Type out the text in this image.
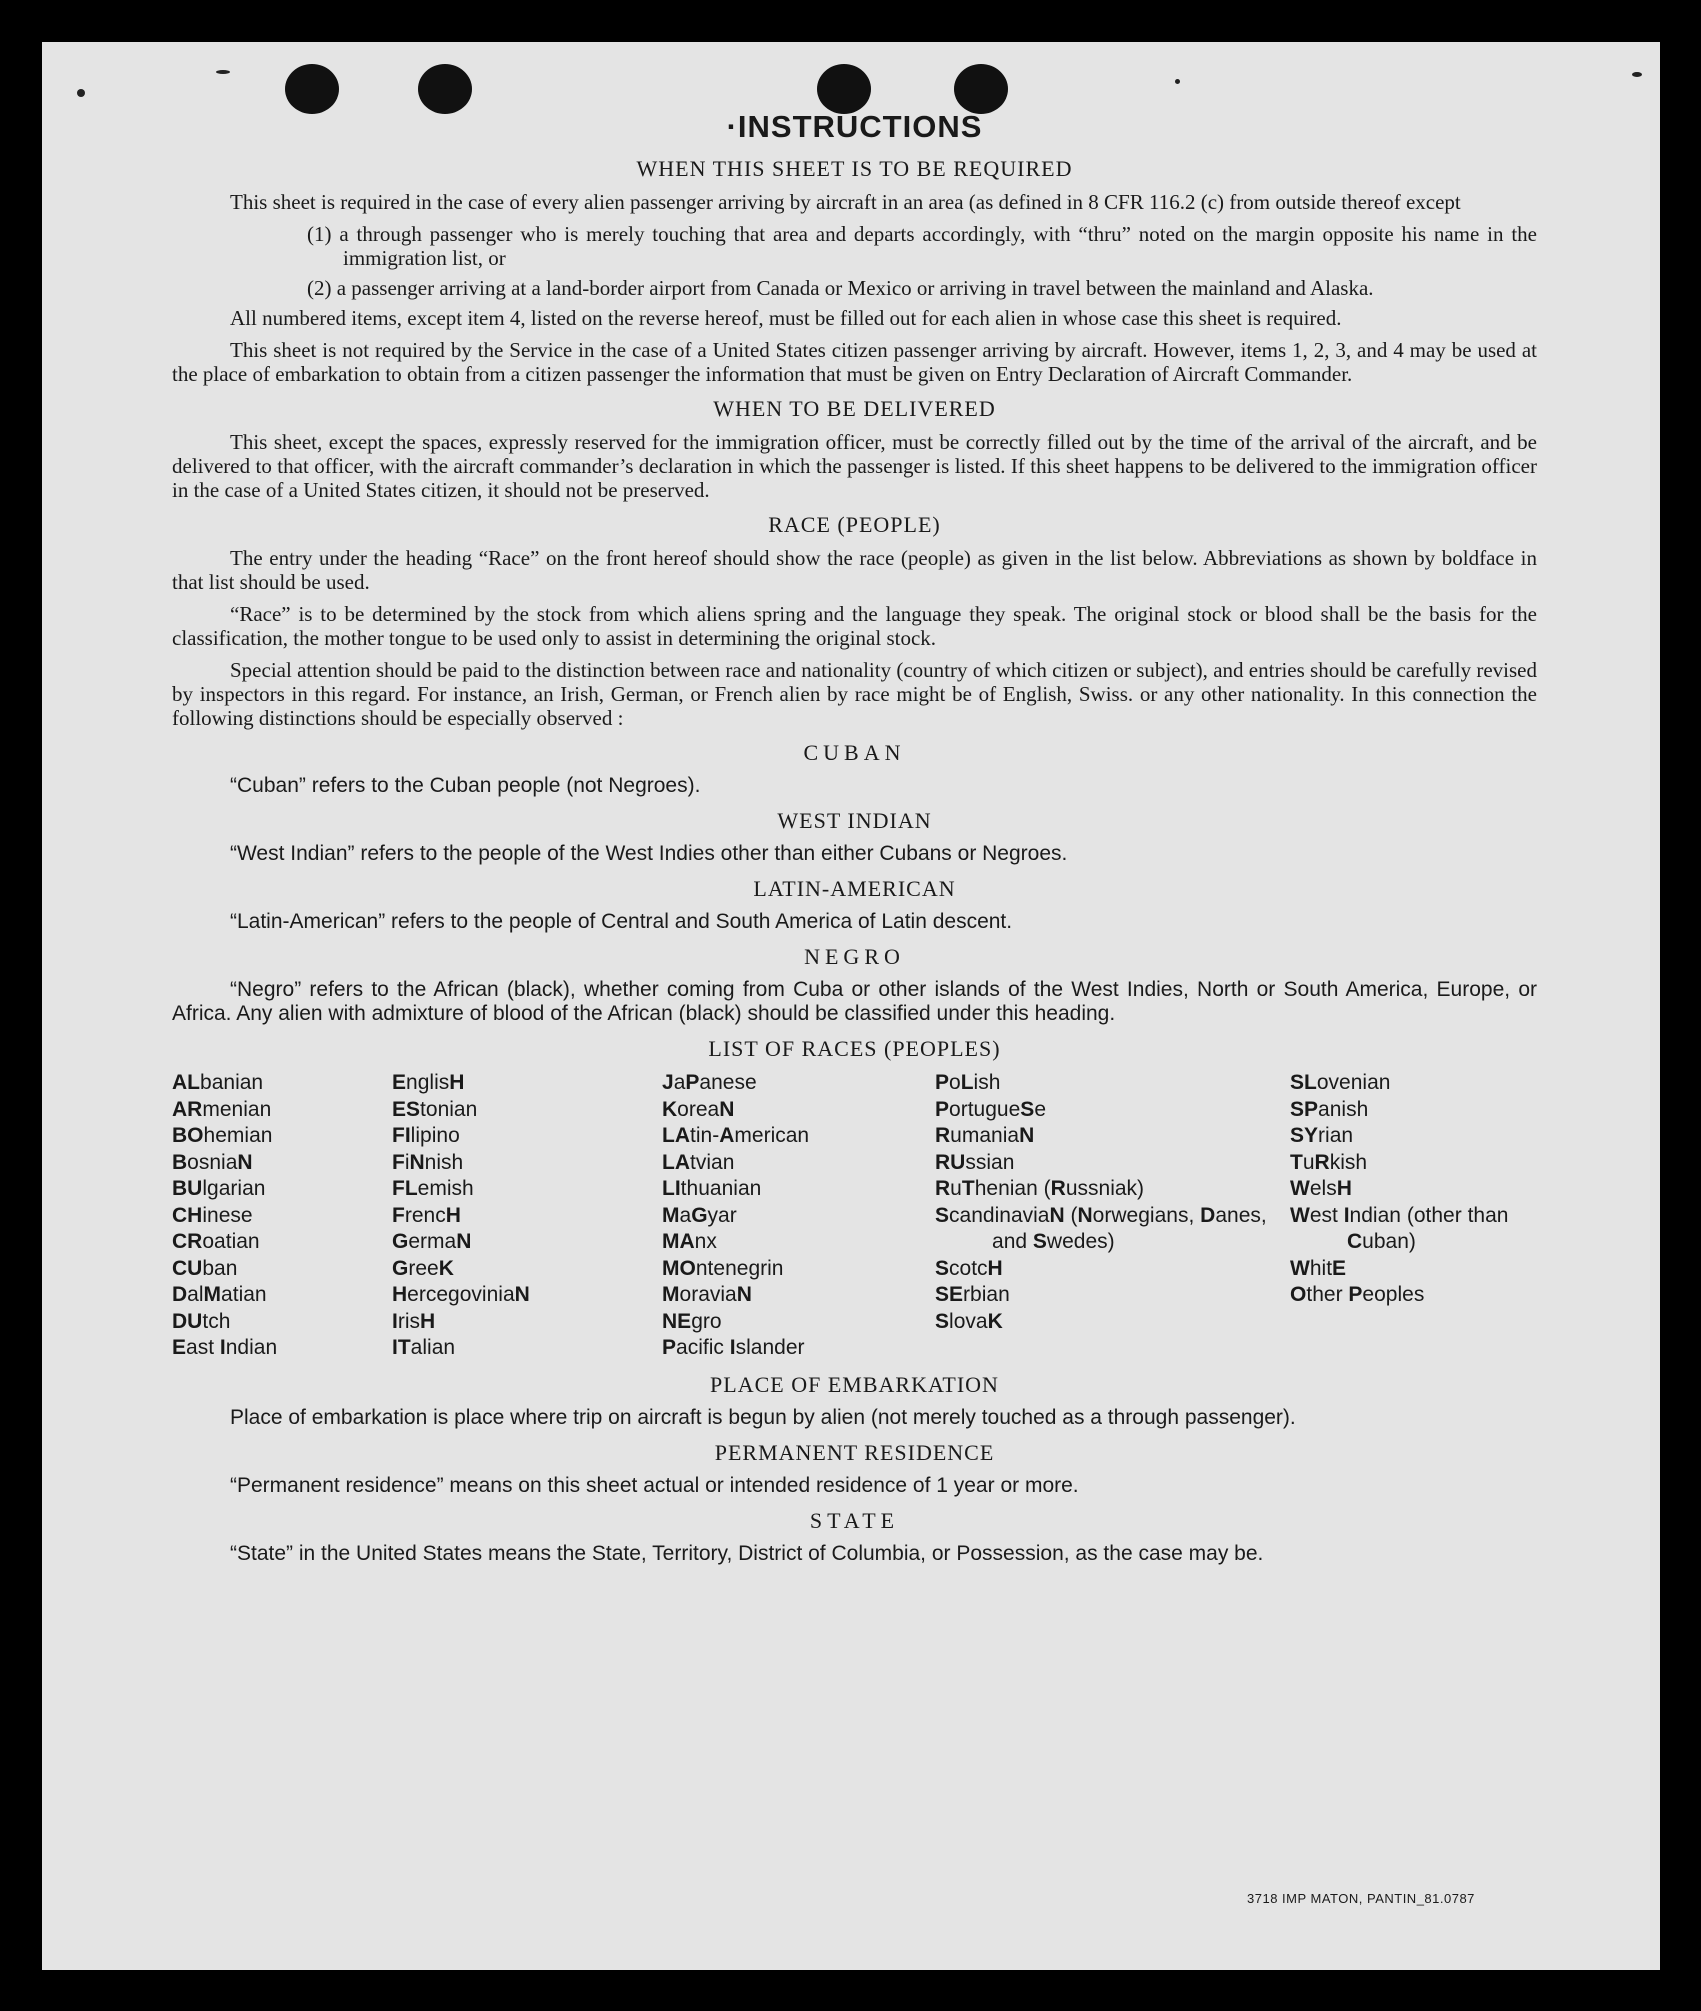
·INSTRUCTIONS
WHEN THIS SHEET IS TO BE REQUIRED

This sheet is required in the case of every alien passenger arriving by aircraft in an area (as defined in 8 CFR 116.2 (c) from outside thereof except

(1) a through passenger who is merely touching that area and departs accordingly, with “thru” noted on the margin opposite his name in the immigration list, or

(2) a passenger arriving at a land-border airport from Canada or Mexico or arriving in travel between the mainland and Alaska.

All numbered items, except item 4, listed on the reverse hereof, must be filled out for each alien in whose case this sheet is required.

This sheet is not required by the Service in the case of a United States citizen passenger arriving by aircraft. However, items 1, 2, 3, and 4 may be used at the place of embarkation to obtain from a citizen passenger the information that must be given on Entry Declaration of Aircraft Commander.

WHEN TO BE DELIVERED

This sheet, except the spaces, expressly reserved for the immigration officer, must be correctly filled out by the time of the arrival of the aircraft, and be delivered to that officer, with the aircraft commander’s declaration in which the passenger is listed. If this sheet happens to be delivered to the immigration officer in the case of a United States citizen, it should not be preserved.

RACE (PEOPLE)

The entry under the heading “Race” on the front hereof should show the race (people) as given in the list below. Abbreviations as shown by boldface in that list should be used.

“Race” is to be determined by the stock from which aliens spring and the language they speak. The original stock or blood shall be the basis for the classification, the mother tongue to be used only to assist in determining the original stock.

Special attention should be paid to the distinction between race and nationality (country of which citizen or subject), and entries should be carefully revised by inspectors in this regard. For instance, an Irish, German, or French alien by race might be of English, Swiss. or any other nationality. In this connection the following distinctions should be especially observed :

CUBAN

“Cuban” refers to the Cuban people (not Negroes).

WEST INDIAN

“West Indian” refers to the people of the West Indies other than either Cubans or Negroes.

LATIN-AMERICAN

“Latin-American” refers to the people of Central and South America of Latin descent.

NEGRO

“Negro” refers to the African (black), whether coming from Cuba or other islands of the West Indies, North or South America, Europe, or Africa. Any alien with admixture of blood of the African (black) should be classified under this heading.

LIST OF RACES (PEOPLES)
ALbanian
ARmenian
BOhemian
BosniaN
BUlgarian
CHinese
CRoatian
CUban
DalMatian
DUtch
East Indian
EnglisH
EStonian
FIlipino
FiNnish
FLemish
FrencH
GermaN
GreeK
HercegoviniaN
IrisH
ITalian
JaPanese
KoreaN
LAtin-American
LAtvian
LIthuanian
MaGyar
MAnx
MOntenegrin
MoraviaN
NEgro
Pacific Islander
PoLish
PortugueSe
RumaniaN
RUssian
RuThenian (Russniak)
ScandinaviaN (Norwegians, Danes, and Swedes)
ScotcH
SErbian
SlovaK
SLovenian
SPanish
SYrian
TuRkish
WelsH
West Indian (other than Cuban)
WhitE
Other Peoples
PLACE OF EMBARKATION

Place of embarkation is place where trip on aircraft is begun by alien (not merely touched as a through passenger).

PERMANENT RESIDENCE

“Permanent residence” means on this sheet actual or intended residence of 1 year or more.

STATE

“State” in the United States means the State, Territory, District of Columbia, or Possession, as the case may be.

3718 IMP MATON, PANTIN_81.0787
